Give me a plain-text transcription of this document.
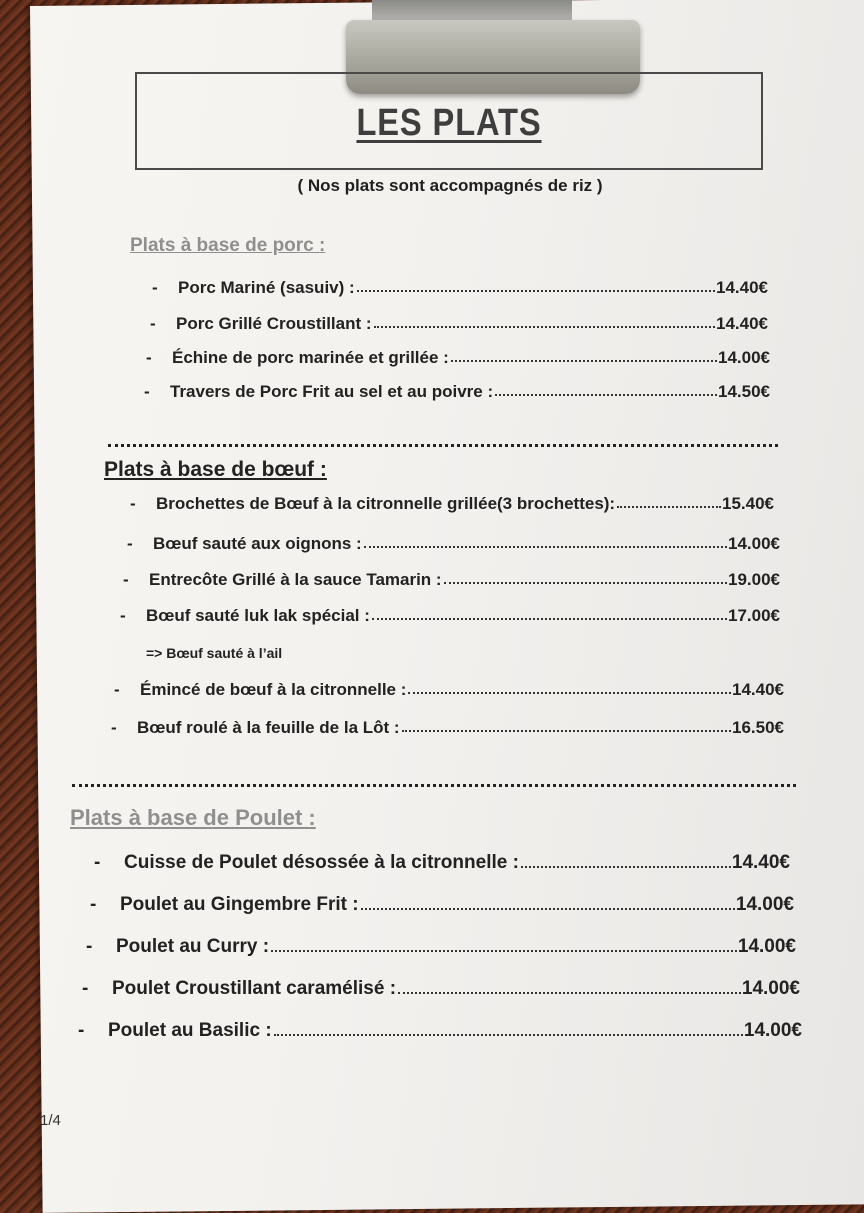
LES PLATS
( Nos plats sont accompagnés de riz )
Plats à base de porc :
-	Porc Mariné (sasuiv) :	14.40€
-	Porc Grillé Croustillant :	14.40€
-	Échine de porc marinée et grillée :	14.00€
-	Travers de Porc Frit au sel et au poivre :	14.50€
Plats à base de bœuf :
-	Brochettes de Bœuf à la citronnelle grillée(3 brochettes):	15.40€
-	Bœuf sauté aux oignons :	14.00€
-	Entrecôte Grillé à la sauce Tamarin :	19.00€
-	Bœuf sauté luk lak spécial :	17.00€
=> Bœuf sauté à l’ail
-	Émincé de bœuf à la citronnelle :	14.40€
-	Bœuf roulé à la feuille de la Lôt :	16.50€
Plats à base de Poulet :
-	Cuisse de Poulet désossée à la citronnelle :	14.40€
-	Poulet au Gingembre Frit :	14.00€
-	Poulet au Curry :	14.00€
-	Poulet Croustillant caramélisé :	14.00€
-	Poulet au Basilic :	14.00€
1/4
